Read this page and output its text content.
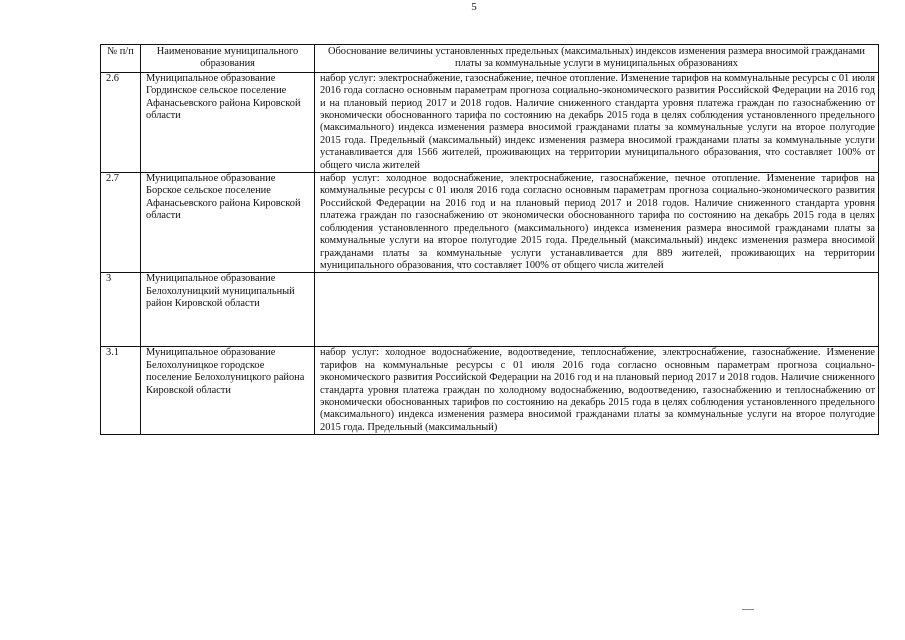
5
№ п/п	Наименование муниципального образования	Обоснование величины установленных предельных (максимальных) индексов изменения размера вносимой гражданами платы за коммунальные услуги в муниципальных образованиях
2.6	Муниципальное образование Гординское сельское поселение Афанасьевского района Кировской области	набор услуг: электроснабжение, газоснабжение, печное отопление. Изменение тарифов на коммунальные ресурсы с 01 июля 2016 года согласно основным параметрам прогноза социально-экономического развития Российской Федерации на 2016 год и на плановый период 2017 и 2018 годов. Наличие сниженного стандарта уровня платежа граждан по газоснабжению от экономически обоснованного тарифа по состоянию на декабрь 2015 года в целях соблюдения установленного предельного (максимального) индекса изменения размера вносимой гражданами платы за коммунальные услуги на второе полугодие 2015 года. Предельный (максимальный) индекс изменения размера вносимой гражданами платы за коммунальные услуги устанавливается для 1566 жителей, проживающих на территории муниципального образования, что составляет 100% от общего числа жителей
2.7	Муниципальное образование Борское сельское поселение Афанасьевского района Кировской области	набор услуг: холодное водоснабжение, электроснабжение, газоснабжение, печное отопление. Изменение тарифов на коммунальные ресурсы с 01 июля 2016 года согласно основным параметрам прогноза социально-экономического развития Российской Федерации на 2016 год и на плановый период 2017 и 2018 годов. Наличие сниженного стандарта уровня платежа граждан по газоснабжению от экономически обоснованного тарифа по состоянию на декабрь 2015 года в целях соблюдения установленного предельного (максимального) индекса изменения размера вносимой гражданами платы за коммунальные услуги на второе полугодие 2015 года. Предельный (максимальный) индекс изменения размера вносимой гражданами платы за коммунальные услуги устанавливается для 889 жителей, проживающих на территории муниципального образования, что составляет 100% от общего числа жителей
3	Муниципальное образование Белохолуницкий муниципальный район Кировской области	
3.1	Муниципальное образование Белохолуницкое городское поселение Белохолуницкого района Кировской области	набор услуг: холодное водоснабжение, водоотведение, теплоснабжение, электроснабжение, газоснабжение. Изменение тарифов на коммунальные ресурсы с 01 июля 2016 года согласно основным параметрам прогноза социально-экономического развития Российской Федерации на 2016 год и на плановый период 2017 и 2018 годов. Наличие сниженного стандарта уровня платежа граждан по холодному водоснабжению, водоотведению, газоснабжению и теплоснабжению от экономически обоснованных тарифов по состоянию на декабрь 2015 года в целях соблюдения установленного предельного (максимального) индекса изменения размера вносимой гражданами платы за коммунальные услуги на второе полугодие 2015 года. Предельный (максимальный)
